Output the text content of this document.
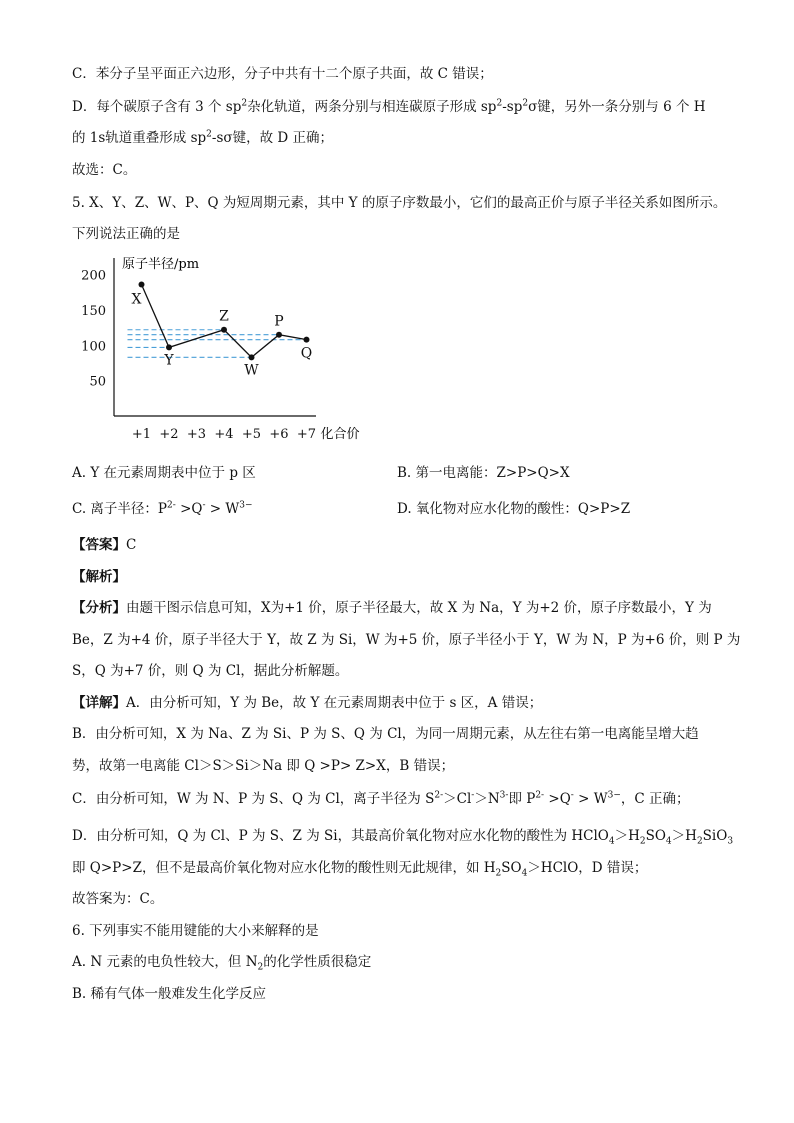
C．苯分子呈平面正六边形，分子中共有十二个原子共面，故 C 错误；
D．每个碳原子含有 3 个 $sp^2$杂化轨道，两条分别与相连碳原子形成 $sp^2-sp^2\sigma$键，另外一条分别与 6 个 H
的 1s轨道重叠形成 $sp^2-s\sigma$键，故 D 正确；
故选：C。
5. X、Y、Z、W、P、Q 为短周期元素，其中 Y 的原子序数最小，它们的最高正价与原子半径关系如图所示。
下列说法正确的是
X
Y
Z
W
P
Q
200
150
100
50
+1 +2 +3 +4 +5 +6 +7
原子半径/pm
化合价
A. Y 在元素周期表中位于 p 区	B. 第一电离能：Z>P>Q>X
C. 离子半径：$P^{2-} >Q^- > W^{3-}$	D. 氧化物对应水化物的酸性：Q>P>Z
【答案】C
【解析】
【分析】由题干图示信息可知，X为+1 价，原子半径最大，故 X 为 Na，Y 为+2 价，原子序数最小，Y 为
Be，Z 为+4 价，原子半径大于 Y，故 Z 为 Si，W 为+5 价，原子半径小于 Y，W 为 N，P 为+6 价，则 P 为
S，Q 为+7 价，则 Q 为 Cl，据此分析解题。
【详解】A．由分析可知，Y 为 Be，故 Y 在元素周期表中位于 s 区，A 错误；
B．由分析可知，X 为 Na、Z 为 Si、P 为 S、Q 为 Cl，为同一周期元素，从左往右第一电离能呈增大趋
势，故第一电离能 Cl＞S＞Si＞Na 即 Q >P> Z>X，B 错误；
C．由分析可知，W 为 N、P 为 S、Q 为 Cl，离子半径为 $S^{2-}>Cl^->N^{3-}$即 $P^{2-} >Q^- > W^{3-}$，C 正确；
D．由分析可知，Q 为 Cl、P 为 S、Z 为 Si，其最高价氧化物对应水化物的酸性为 $HClO_4>H_2SO_4>H_2SiO_3$
即 Q>P>Z，但不是最高价氧化物对应水化物的酸性则无此规律，如 $H_2SO_4>HClO$，D 错误；
故答案为：C。
6. 下列事实不能用键能的大小来解释的是
A. N 元素的电负性较大，但 $N_2$的化学性质很稳定
B. 稀有气体一般难发生化学反应
